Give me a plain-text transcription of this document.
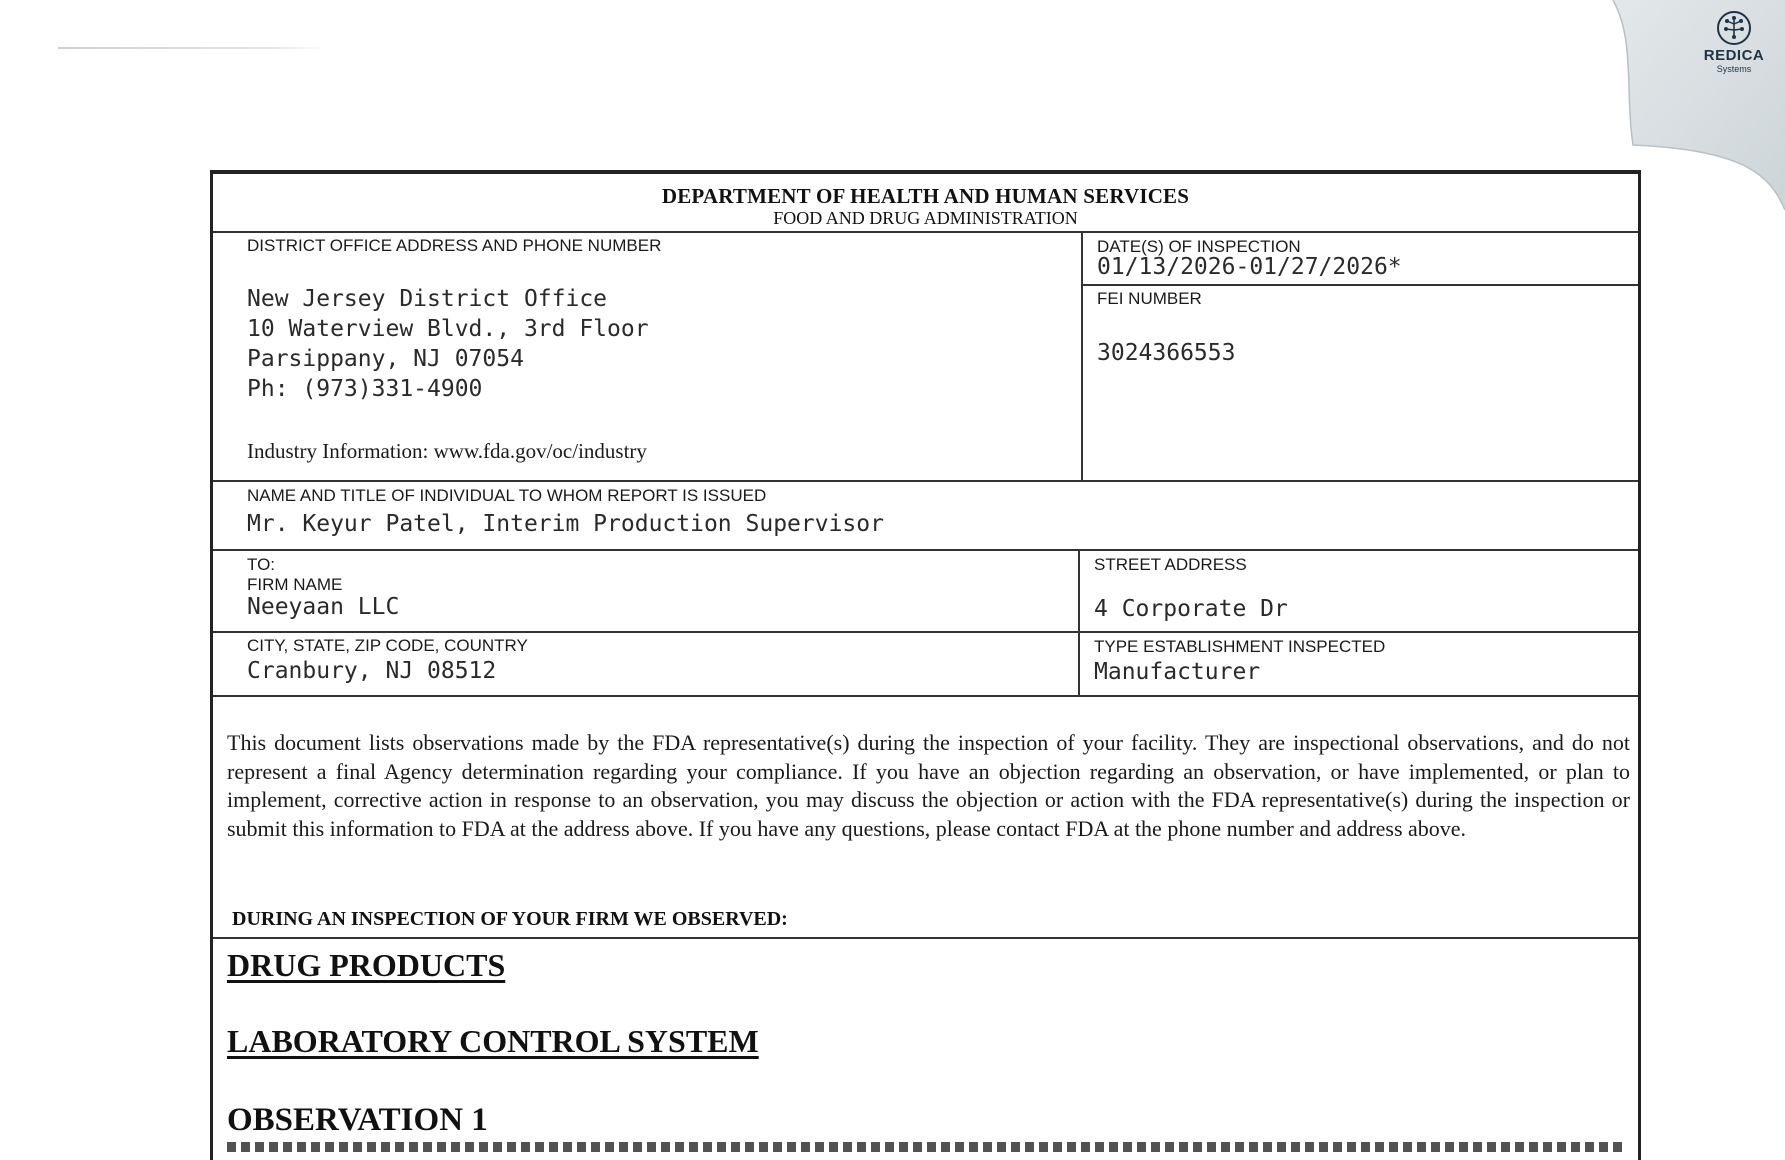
REDICA
Systems
DEPARTMENT OF HEALTH AND HUMAN SERVICES
FOOD AND DRUG ADMINISTRATION
DISTRICT OFFICE ADDRESS AND PHONE NUMBER
New Jersey District Office
10 Waterview Blvd., 3rd Floor
Parsippany, NJ 07054
Ph: (973)331-4900
Industry Information: www.fda.gov/oc/industry
DATE(S) OF INSPECTION
01/13/2026-01/27/2026*
FEI NUMBER
3024366553
NAME AND TITLE OF INDIVIDUAL TO WHOM REPORT IS ISSUED
Mr. Keyur Patel, Interim Production Supervisor
TO:
FIRM NAME
Neeyaan LLC
STREET ADDRESS
4 Corporate Dr
CITY, STATE, ZIP CODE, COUNTRY
Cranbury, NJ 08512
TYPE ESTABLISHMENT INSPECTED
Manufacturer
This document lists observations made by the FDA representative(s) during the inspection of your facility. They are inspectional observations, and do not represent a final Agency determination regarding your compliance. If you have an objection regarding an observation, or have implemented, or plan to implement, corrective action in response to an observation, you may discuss the objection or action with the FDA representative(s) during the inspection or submit this information to FDA at the address above. If you have any questions, please contact FDA at the phone number and address above.
DURING AN INSPECTION OF YOUR FIRM WE OBSERVED:
DRUG PRODUCTS
LABORATORY CONTROL SYSTEM
OBSERVATION 1
